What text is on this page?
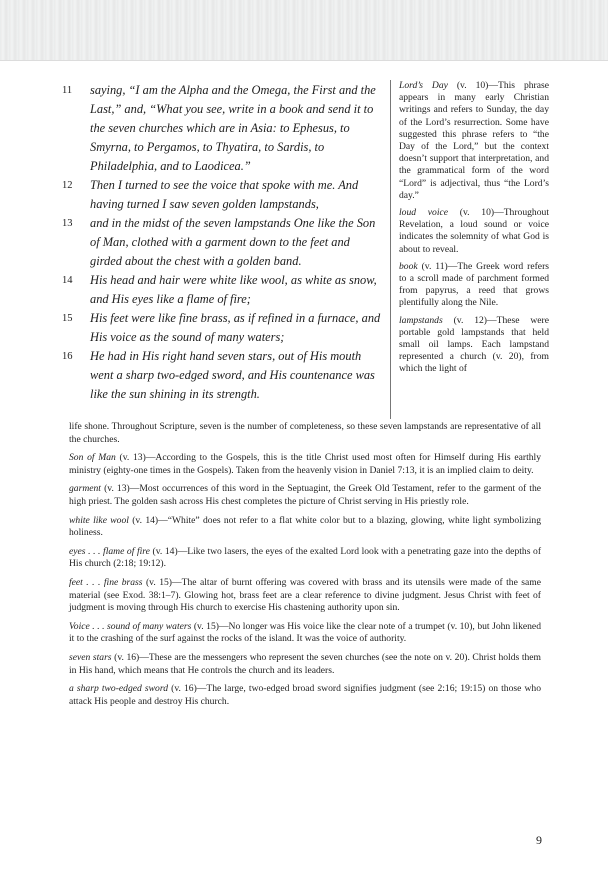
11 saying, “I am the Alpha and the Omega, the First and the Last,” and, “What you see, write in a book and send it to the seven churches which are in Asia: to Ephesus, to Smyrna, to Pergamos, to Thyatira, to Sardis, to Philadelphia, and to Laodicea.”

12 Then I turned to see the voice that spoke with me. And having turned I saw seven golden lampstands,

13 and in the midst of the seven lampstands One like the Son of Man, clothed with a garment down to the feet and girded about the chest with a golden band.

14 His head and hair were white like wool, as white as snow, and His eyes like a flame of fire;

15 His feet were like fine brass, as if refined in a furnace, and His voice as the sound of many waters;

16 He had in His right hand seven stars, out of His mouth went a sharp two-edged sword, and His countenance was like the sun shining in its strength.

Lord’s Day (v. 10)—This phrase appears in many early Christian writings and refers to Sunday, the day of the Lord’s resurrection. Some have suggested this phrase refers to “the Day of the Lord,” but the context doesn’t support that interpretation, and the grammatical form of the word “Lord” is adjectival, thus “the Lord’s day.”

loud voice (v. 10)—Throughout Revelation, a loud sound or voice indicates the solemnity of what God is about to reveal.

book (v. 11)—The Greek word refers to a scroll made of parchment formed from papyrus, a reed that grows plentifully along the Nile.

lampstands (v. 12)—These were portable gold lampstands that held small oil lamps. Each lampstand represented a church (v. 20), from which the light of

life shone. Throughout Scripture, seven is the number of completeness, so these seven lampstands are representative of all the churches.

Son of Man (v. 13)—According to the Gospels, this is the title Christ used most often for Himself during His earthly ministry (eighty-one times in the Gospels). Taken from the heavenly vision in Daniel 7:13, it is an implied claim to deity.

garment (v. 13)—Most occurrences of this word in the Septuagint, the Greek Old Testament, refer to the garment of the high priest. The golden sash across His chest completes the picture of Christ serving in His priestly role.

white like wool (v. 14)—“White” does not refer to a flat white color but to a blazing, glowing, white light symbolizing holiness.

eyes . . . flame of fire (v. 14)—Like two lasers, the eyes of the exalted Lord look with a penetrating gaze into the depths of His church (2:18; 19:12).

feet . . . fine brass (v. 15)—The altar of burnt offering was covered with brass and its utensils were made of the same material (see Exod. 38:1–7). Glowing hot, brass feet are a clear reference to divine judgment. Jesus Christ with feet of judgment is moving through His church to exercise His chastening authority upon sin.

Voice . . . sound of many waters (v. 15)—No longer was His voice like the clear note of a trumpet (v. 10), but John likened it to the crashing of the surf against the rocks of the island. It was the voice of authority.

seven stars (v. 16)—These are the messengers who represent the seven churches (see the note on v. 20). Christ holds them in His hand, which means that He controls the church and its leaders.

a sharp two-edged sword (v. 16)—The large, two-edged broad sword signifies judgment (see 2:16; 19:15) on those who attack His people and destroy His church.

9
